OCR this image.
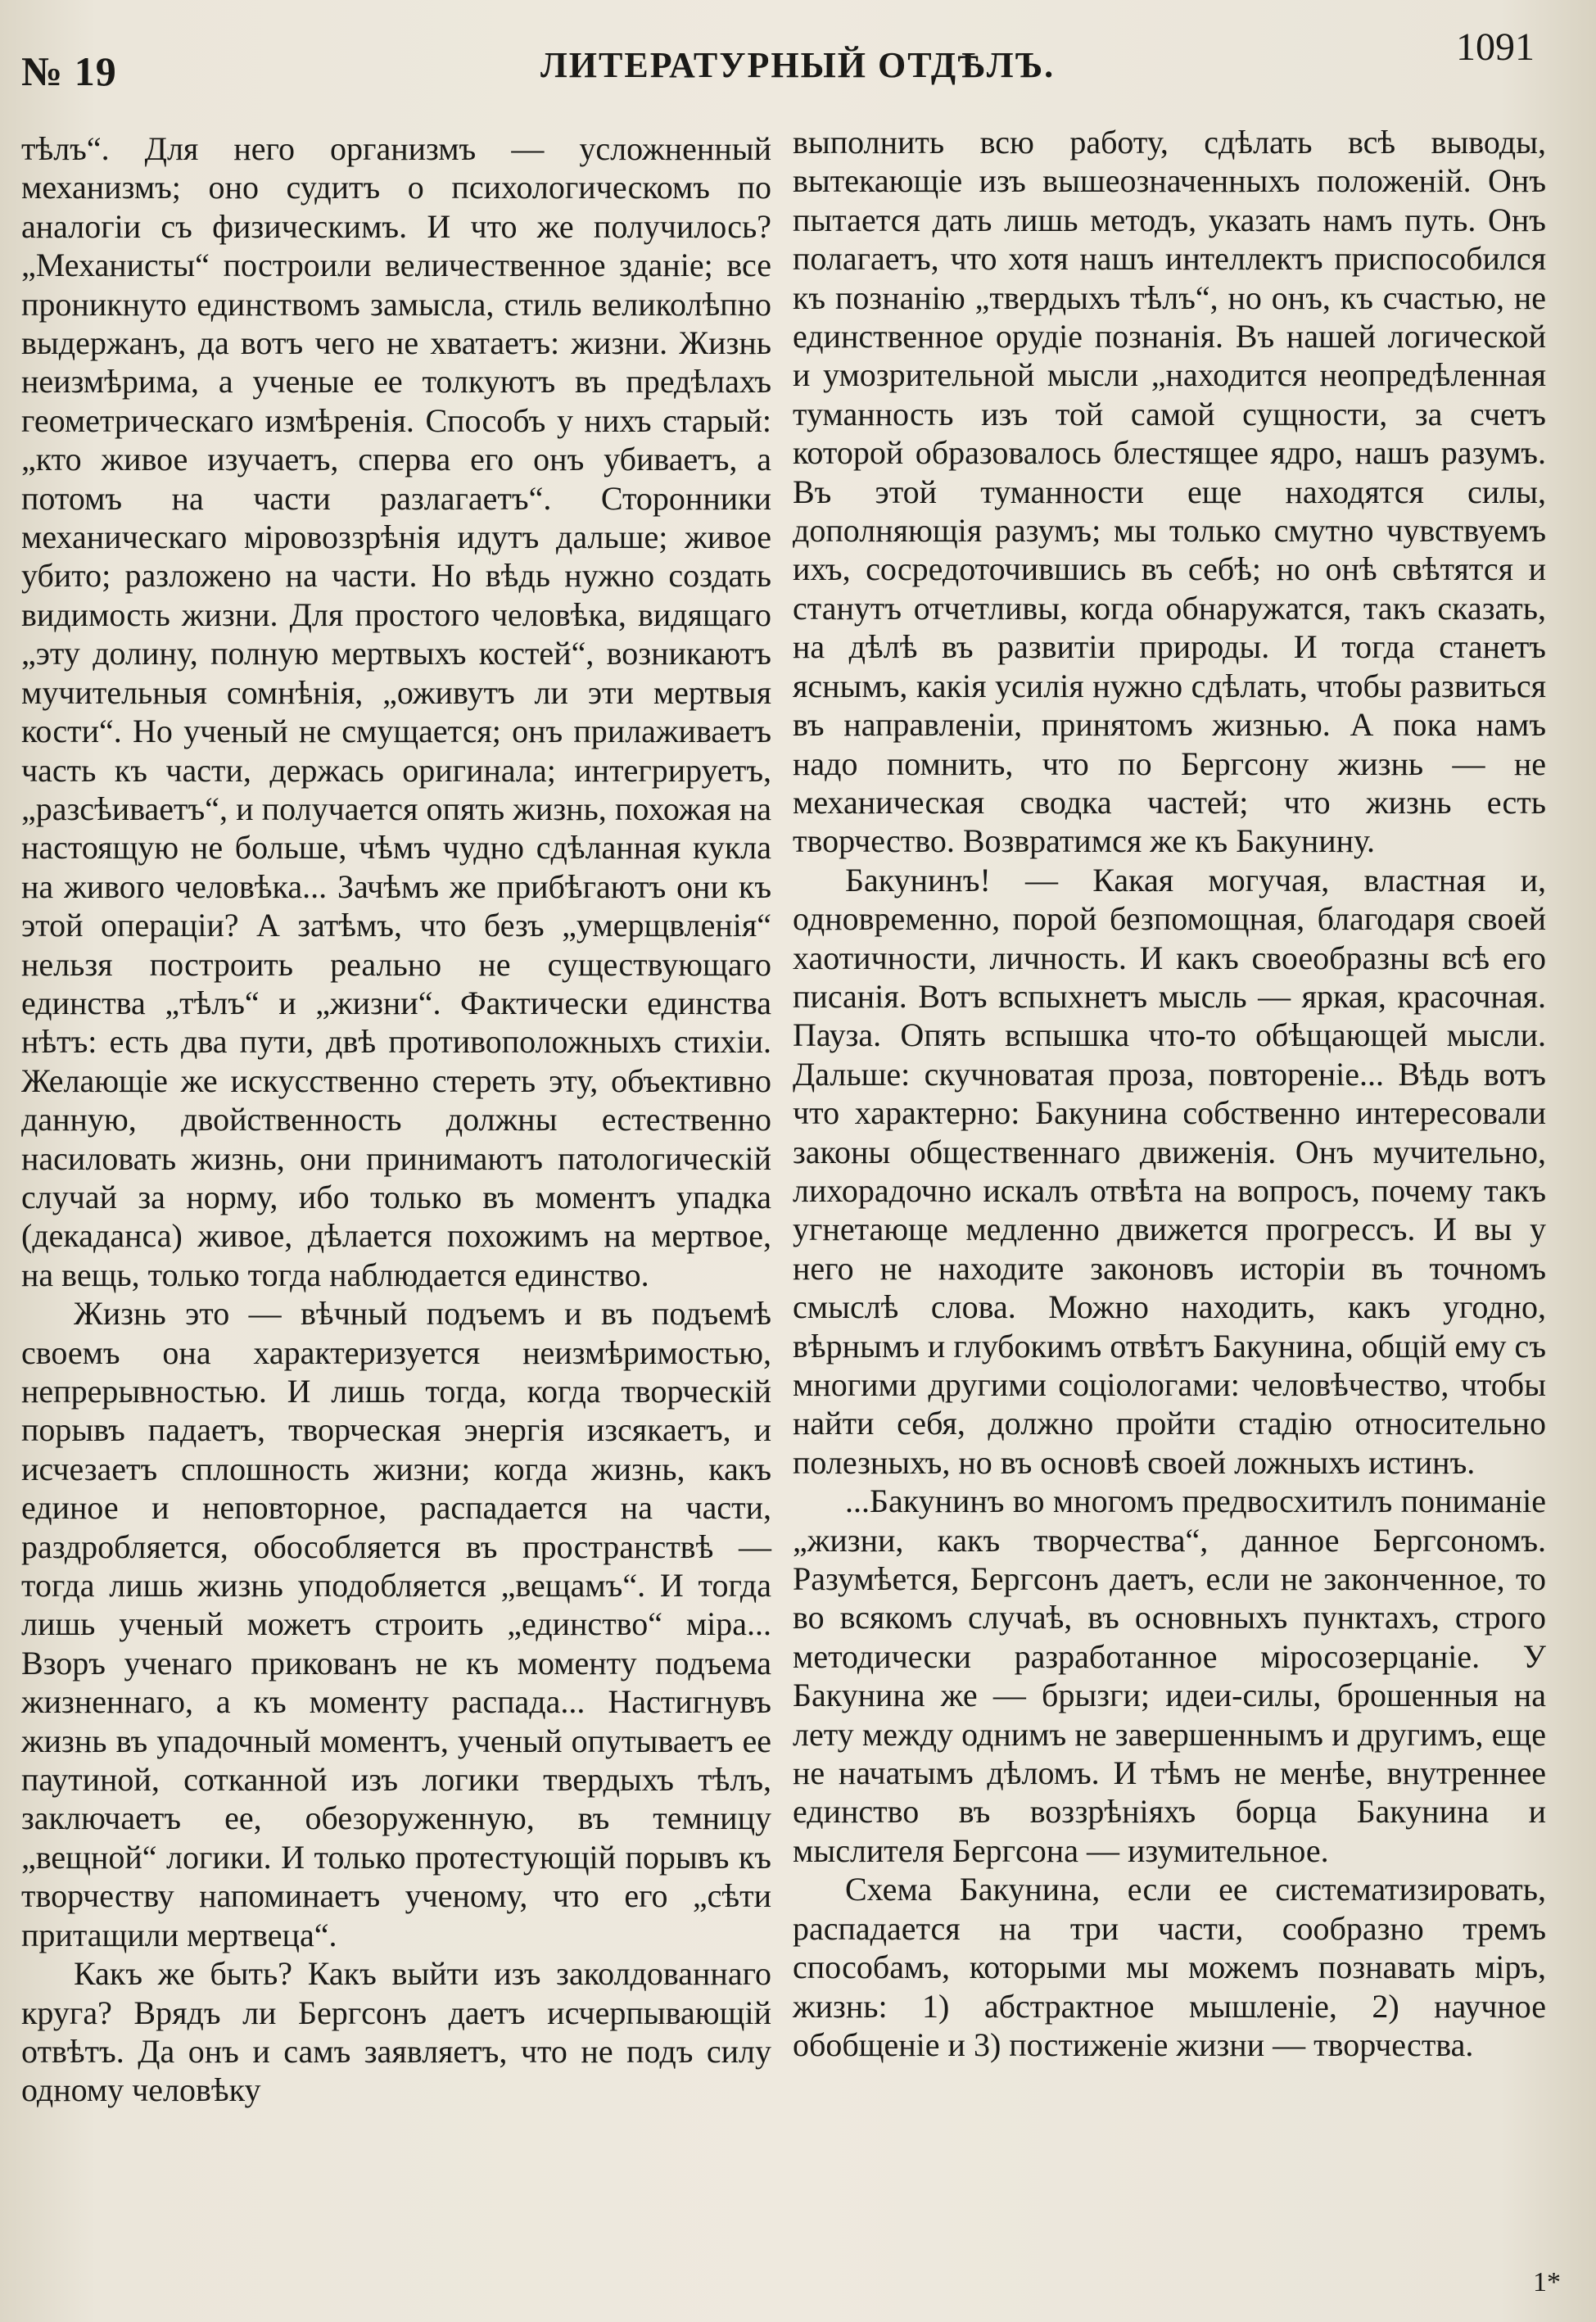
№ 19	ЛИТЕРАТУРНЫЙ ОТДѢЛЪ.	1091

тѣлъ“. Для него организмъ — усложненный механизмъ; оно судитъ о психологическомъ по аналогіи съ физическимъ. И что же получилось? „Механисты“ построили величественное зданіе; все проникнуто единствомъ замысла, стиль великолѣпно выдержанъ, да вотъ чего не хватаетъ: жизни. Жизнь неизмѣрима, а ученые ее толкуютъ въ предѣлахъ геометрическаго измѣренія. Способъ у нихъ старый: „кто живое изучаетъ, сперва его онъ убиваетъ, а потомъ на части разлагаетъ“. Сторонники механическаго міровоззрѣнія идутъ дальше; живое убито; разложено на части. Но вѣдь нужно создать видимость жизни. Для простого человѣка, видящаго „эту долину, полную мертвыхъ костей“, возникаютъ мучительныя сомнѣнія, „оживутъ ли эти мертвыя кости“. Но ученый не смущается; онъ прилаживаетъ часть къ части, держась оригинала; интегрируетъ, „разсѣиваетъ“, и получается опять жизнь, похожая на настоящую не больше, чѣмъ чудно сдѣланная кукла на живого человѣка... Зачѣмъ же прибѣгаютъ они къ этой операціи? А затѣмъ, что безъ „умерщвленія“ нельзя построить реально не существующаго единства „тѣлъ“ и „жизни“. Фактически единства нѣтъ: есть два пути, двѣ противоположныхъ стихіи. Желающіе же искусственно стереть эту, объективно данную, двойственность должны естественно насиловать жизнь, они принимаютъ патологическій случай за норму, ибо только въ моментъ упадка (декаданса) живое, дѣлается похожимъ на мертвое, на вещь, только тогда наблюдается единство.

Жизнь это — вѣчный подъемъ и въ подъемѣ своемъ она характеризуется неизмѣримостью, непрерывностью. И лишь тогда, когда творческій порывъ падаетъ, творческая энергія изсякаетъ, и исчезаетъ сплошность жизни; когда жизнь, какъ единое и неповторное, распадается на части, раздробляется, обособляется въ пространствѣ — тогда лишь жизнь уподобляется „вещамъ“. И тогда лишь ученый можетъ строить „единство“ міра... Взоръ ученаго прикованъ не къ моменту подъема жизненнаго, а къ моменту распада... Настигнувъ жизнь въ упадочный моментъ, ученый опутываетъ ее паутиной, сотканной изъ логики твердыхъ тѣлъ, заключаетъ ее, обезоруженную, въ темницу „вещной“ логики. И только протестующій порывъ къ творчеству напоминаетъ ученому, что его „сѣти притащили мертвеца“.

Какъ же быть? Какъ выйти изъ заколдованнаго круга? Врядъ ли Бергсонъ даетъ исчерпывающій отвѣтъ. Да онъ и самъ заявляетъ, что не подъ силу одному человѣку

выполнить всю работу, сдѣлать всѣ выводы, вытекающіе изъ вышеозначенныхъ положеній. Онъ пытается дать лишь методъ, указать намъ путь. Онъ полагаетъ, что хотя нашъ интеллектъ приспособился къ познанію „твердыхъ тѣлъ“, но онъ, къ счастью, не единственное орудіе познанія. Въ нашей логической и умозрительной мысли „находится неопредѣленная туманность изъ той самой сущности, за счетъ которой образовалось блестящее ядро, нашъ разумъ. Въ этой туманности еще находятся силы, дополняющія разумъ; мы только смутно чувствуемъ ихъ, сосредоточившись въ себѣ; но онѣ свѣтятся и станутъ отчетливы, когда обнаружатся, такъ сказать, на дѣлѣ въ развитіи природы. И тогда станетъ яснымъ, какія усилія нужно сдѣлать, чтобы развиться въ направленіи, принятомъ жизнью. А пока намъ надо помнить, что по Бергсону жизнь — не механическая сводка частей; что жизнь есть творчество. Возвратимся же къ Бакунину.

Бакунинъ! — Какая могучая, властная и, одновременно, порой безпомощная, благодаря своей хаотичности, личность. И какъ своеобразны всѣ его писанія. Вотъ вспыхнетъ мысль — яркая, красочная. Пауза. Опять вспышка что-то обѣщающей мысли. Дальше: скучноватая проза, повтореніе... Вѣдь вотъ что характерно: Бакунина собственно интересовали законы общественнаго движенія. Онъ мучительно, лихорадочно искалъ отвѣта на вопросъ, почему такъ угнетающе медленно движется прогрессъ. И вы у него не находите законовъ исторіи въ точномъ смыслѣ слова. Можно находить, какъ угодно, вѣрнымъ и глубокимъ отвѣтъ Бакунина, общій ему съ многими другими соціологами: человѣчество, чтобы найти себя, должно пройти стадію относительно полезныхъ, но въ основѣ своей ложныхъ истинъ.

...Бакунинъ во многомъ предвосхитилъ пониманіе „жизни, какъ творчества“, данное Бергсономъ. Разумѣется, Бергсонъ даетъ, если не законченное, то во всякомъ случаѣ, въ основныхъ пунктахъ, строго методически разработанное міросозерцаніе. У Бакунина же — брызги; идеи-силы, брошенныя на лету между однимъ не завершеннымъ и другимъ, еще не начатымъ дѣломъ. И тѣмъ не менѣе, внутреннее единство въ воззрѣніяхъ борца Бакунина и мыслителя Бергсона — изумительное.

Схема Бакунина, если ее систематизировать, распадается на три части, сообразно тремъ способамъ, которыми мы можемъ познавать міръ, жизнь: 1) абстрактное мышленіе, 2) научное обобщеніе и 3) постиженіе жизни — творчества.

1*
